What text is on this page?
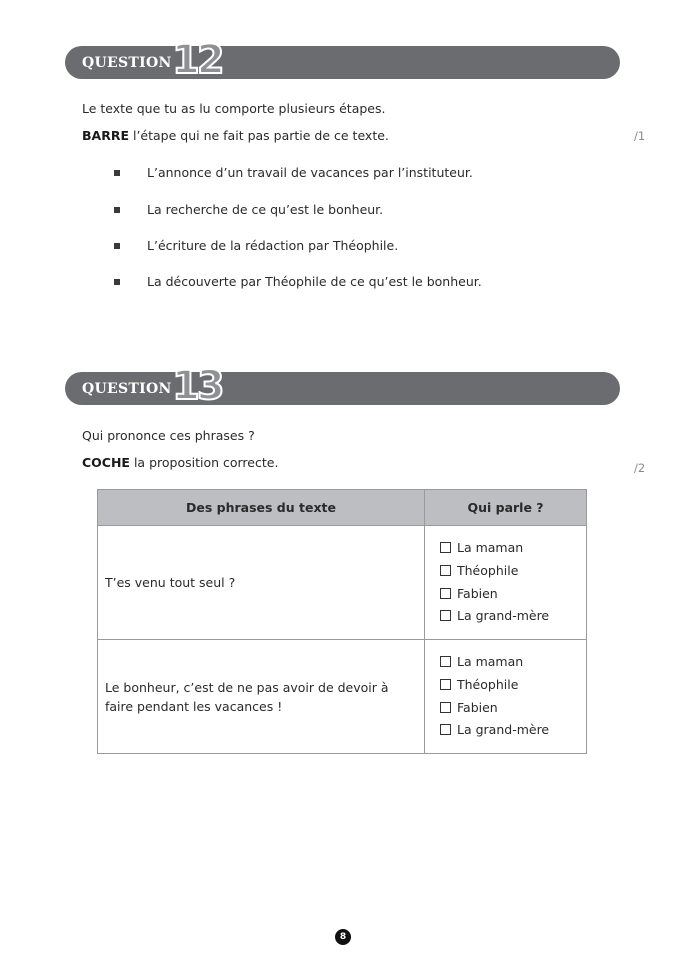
QUESTION 12
Le texte que tu as lu comporte plusieurs étapes.
BARRE l’étape qui ne fait pas partie de ce texte.	/1
L’annonce d’un travail de vacances par l’instituteur.
La recherche de ce qu’est le bonheur.
L’écriture de la rédaction par Théophile.
La découverte par Théophile de ce qu’est le bonheur.
QUESTION 13
Qui prononce ces phrases ?
COCHE la proposition correcte.	/2
Des phrases du texte	Qui parle ?
T’es venu tout seul ?	La maman
Théophile
Fabien
La grand-mère

Le bonheur, c’est de ne pas avoir de devoir à faire pendant les vacances !	La maman
Théophile
Fabien
La grand-mère
8
